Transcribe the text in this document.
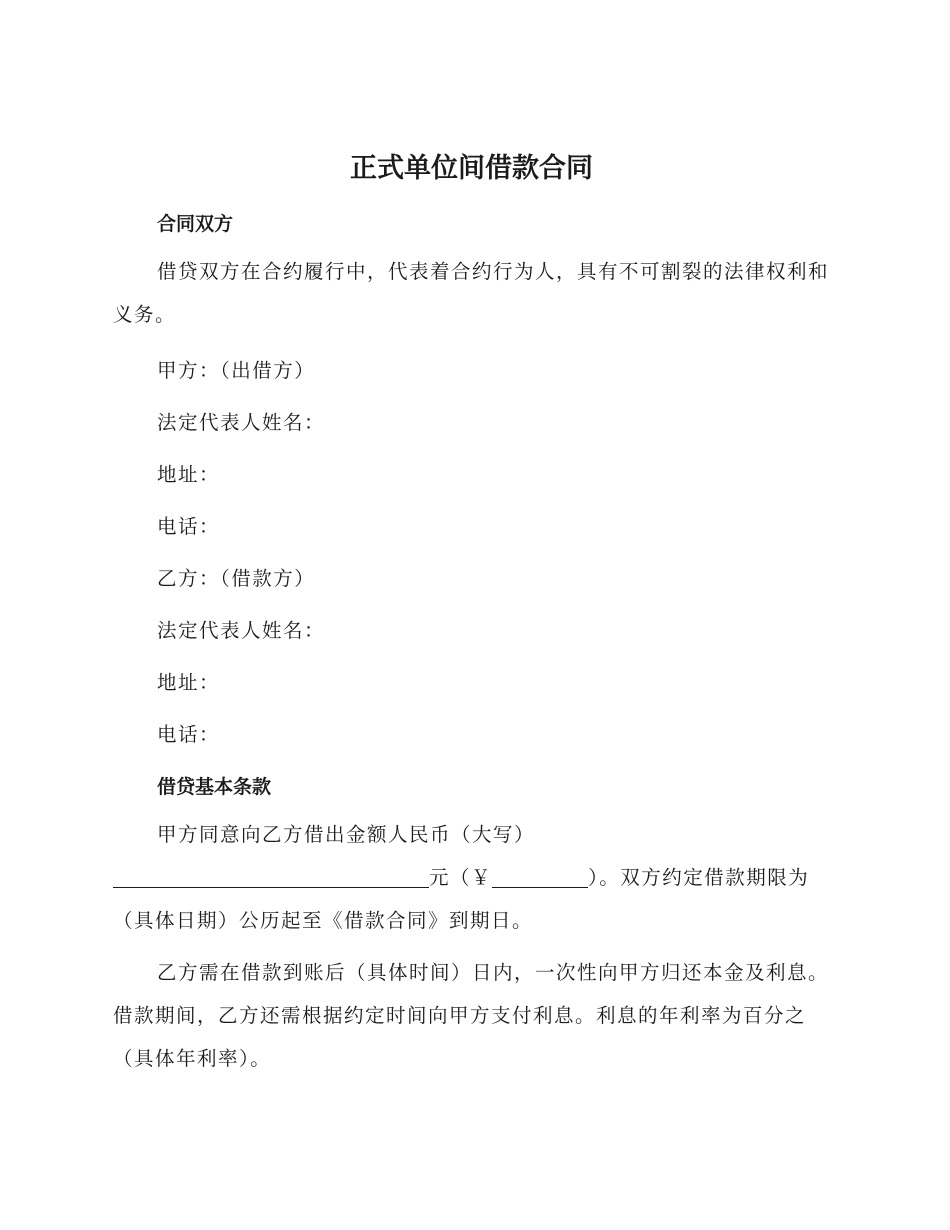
正式单位间借款合同

合同双方

借贷双方在合约履行中，代表着合约行为人，具有不可割裂的法律权利和义务。

甲方：（出借方）

法定代表人姓名：

地址：

电话：

乙方：（借款方）

法定代表人姓名：

地址：

电话：

借贷基本条款

甲方同意向乙方借出金额人民币（大写）
元（￥	）。双方约定借款期限为（具体日期）公历起至《借款合同》到期日。

乙方需在借款到账后（具体时间）日内，一次性向甲方归还本金及利息。借款期间，乙方还需根据约定时间向甲方支付利息。利息的年利率为百分之（具体年利率）。
